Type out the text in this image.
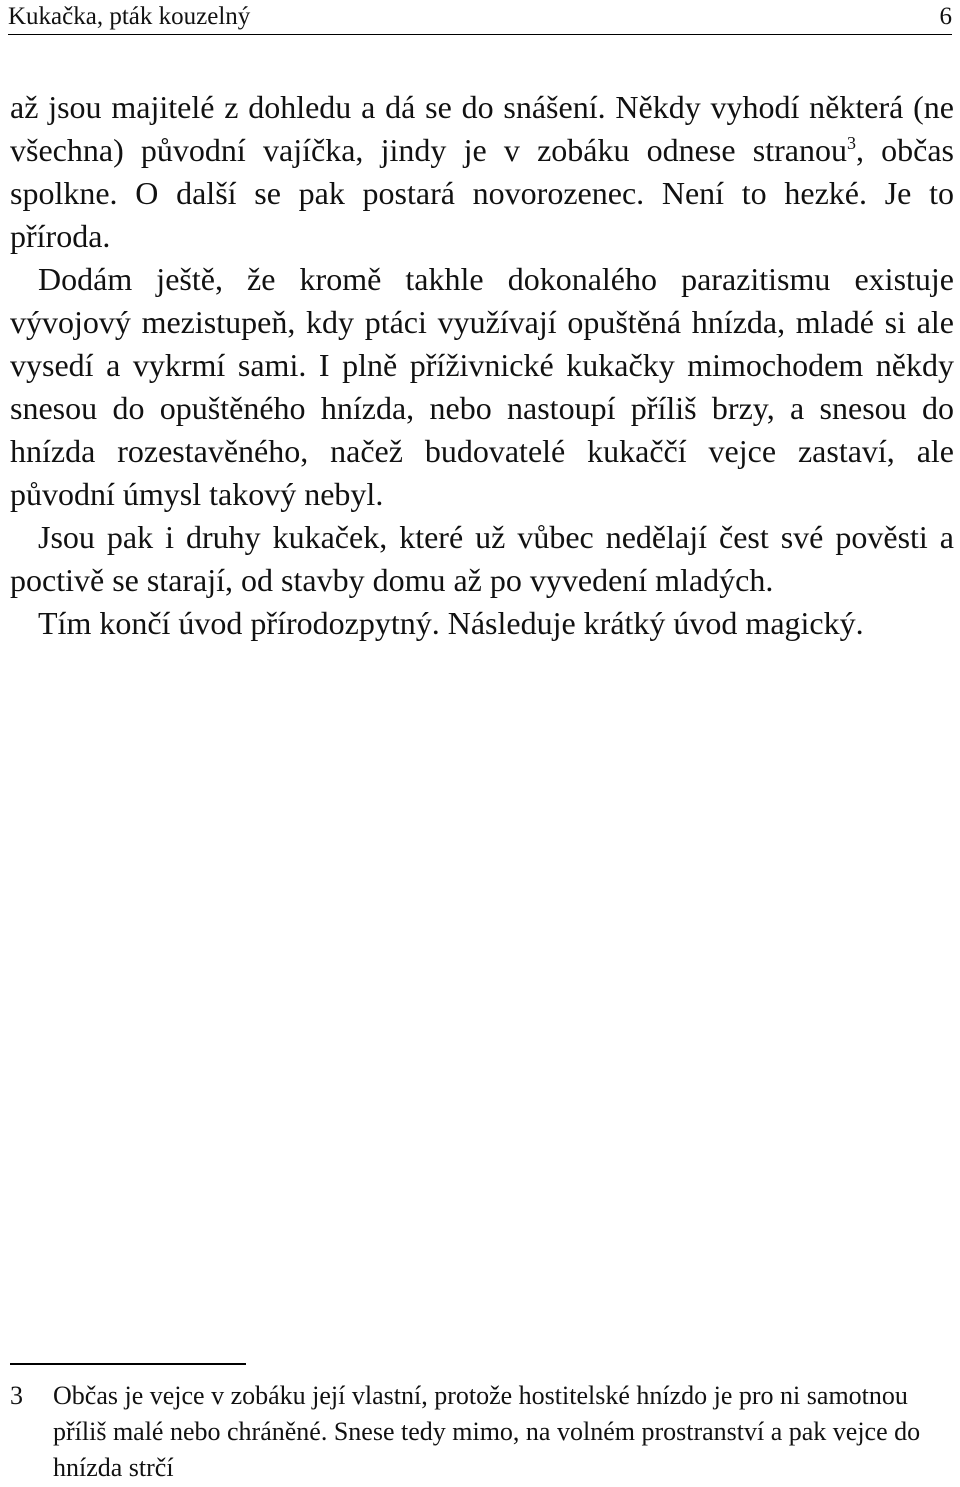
Kukačka, pták kouzelný	6

až jsou majitelé z dohledu a dá se do snášení. Někdy vyhodí některá (ne všechna) původní vajíčka, jindy je v zobáku odnese stranou$^3$, občas spolkne. O další se pak postará novorozenec. Není to hezké. Je to příroda.

Dodám ještě, že kromě takhle dokonalého parazitismu existuje vývojový mezistupeň, kdy ptáci využívají opuštěná hnízda, mladé si ale vysedí a vykrmí sami. I plně příživnické kukačky mimochodem někdy snesou do opuštěného hnízda, nebo nastoupí příliš brzy, a snesou do hnízda rozestavěného, načež budovatelé kukaččí vejce zastaví, ale původní úmysl takový nebyl.

Jsou pak i druhy kukaček, které už vůbec nedělají čest své pověsti a poctivě se starají, od stavby domu až po vyvedení mladých.

Tím končí úvod přírodozpytný. Následuje krátký úvod magický.

3 Občas je vejce v zobáku její vlastní, protože hostitelské hnízdo je pro ni samotnou příliš malé nebo chráněné. Snese tedy mimo, na volném prostranství a pak vejce do hnízda strčí
